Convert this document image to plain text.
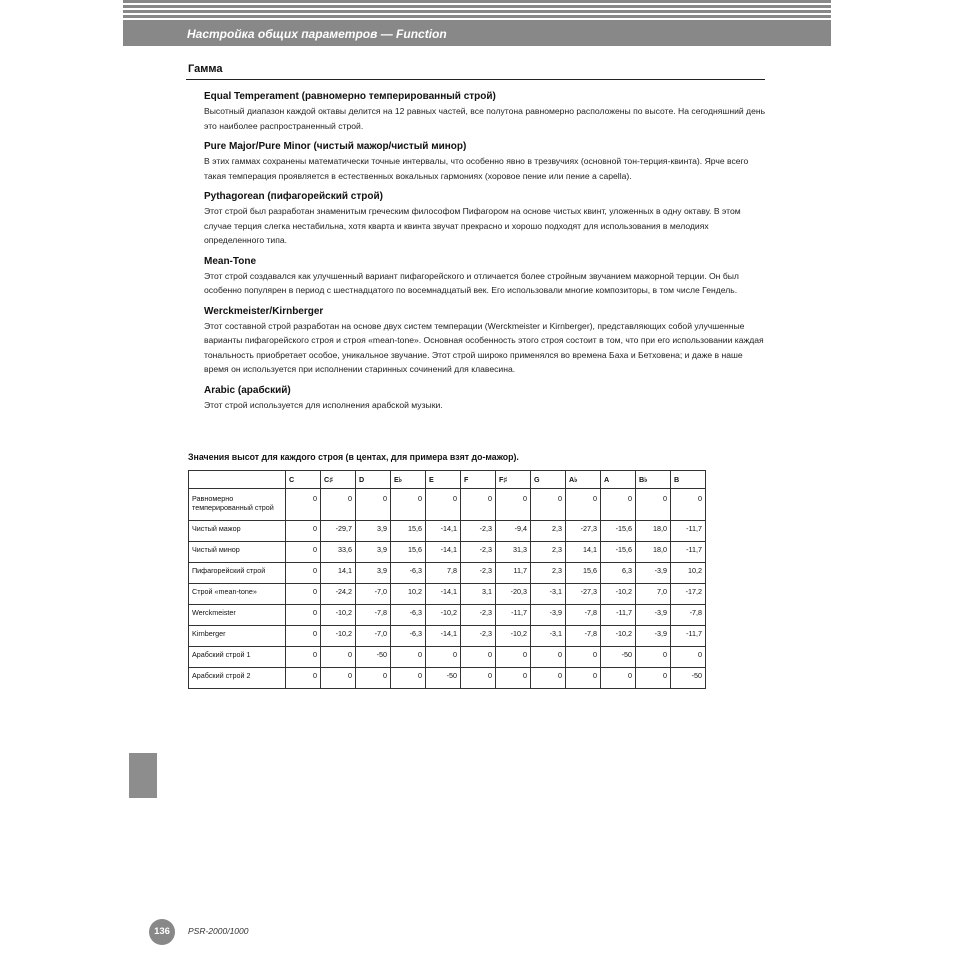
Настройка общих параметров — Function
Гамма
Equal Temperament (равномерно темперированный строй)
Высотный диапазон каждой октавы делится на 12 равных частей, все полутона равномерно расположены по высоте. На сегодняшний день это наиболее распространенный строй.
Pure Major/Pure Minor (чистый мажор/чистый минор)
В этих гаммах сохранены математически точные интервалы, что особенно явно в трезвучиях (основной тон-терция-квинта). Ярче всего такая темперация проявляется в естественных вокальных гармониях (хоровое пение или пение a capella).
Pythagorean (пифагорейский строй)
Этот строй был разработан знаменитым греческим философом Пифагором на основе чистых квинт, уложенных в одну октаву. В этом случае терция слегка нестабильна, хотя кварта и квинта звучат прекрасно и хорошо подходят для использования в мелодиях определенного типа.
Mean-Tone
Этот строй создавался как улучшенный вариант пифагорейского и отличается более стройным звучанием мажорной терции. Он был особенно популярен в период с шестнадцатого по восемнадцатый век. Его использовали многие композиторы, в том числе Гендель.
Werckmeister/Kirnberger
Этот составной строй разработан на основе двух систем темперации (Werckmeister и Kirnberger), представляющих собой улучшенные варианты пифагорейского строя и строя «mean-tone». Основная особенность этого строя состоит в том, что при его использовании каждая тональность приобретает особое, уникальное звучание. Этот строй широко применялся во времена Баха и Бетховена; и даже в наше время он используется при исполнении старинных сочинений для клавесина.
Arabic (арабский)
Этот строй используется для исполнения арабской музыки.
Значения высот для каждого строя (в центах, для примера взят до-мажор).
	C	C♯	D	E♭	E	F	F♯	G	A♭	A	B♭	B
Равномерно темперированный строй	0	0	0	0	0	0	0	0	0	0	0	0
Чистый мажор	0	-29,7	3,9	15,6	-14,1	-2,3	-9,4	2,3	-27,3	-15,6	18,0	-11,7
Чистый минор	0	33,6	3,9	15,6	-14,1	-2,3	31,3	2,3	14,1	-15,6	18,0	-11,7
Пифагорейский строй	0	14,1	3,9	-6,3	7,8	-2,3	11,7	2,3	15,6	6,3	-3,9	10,2
Строй «mean-tone»	0	-24,2	-7,0	10,2	-14,1	3,1	-20,3	-3,1	-27,3	-10,2	7,0	-17,2
Werckmeister	0	-10,2	-7,8	-6,3	-10,2	-2,3	-11,7	-3,9	-7,8	-11,7	-3,9	-7,8
Kirnberger	0	-10,2	-7,0	-6,3	-14,1	-2,3	-10,2	-3,1	-7,8	-10,2	-3,9	-11,7
Арабский строй 1	0	0	-50	0	0	0	0	0	0	-50	0	0
Арабский строй 2	0	0	0	0	-50	0	0	0	0	0	0	-50
136	PSR-2000/1000
